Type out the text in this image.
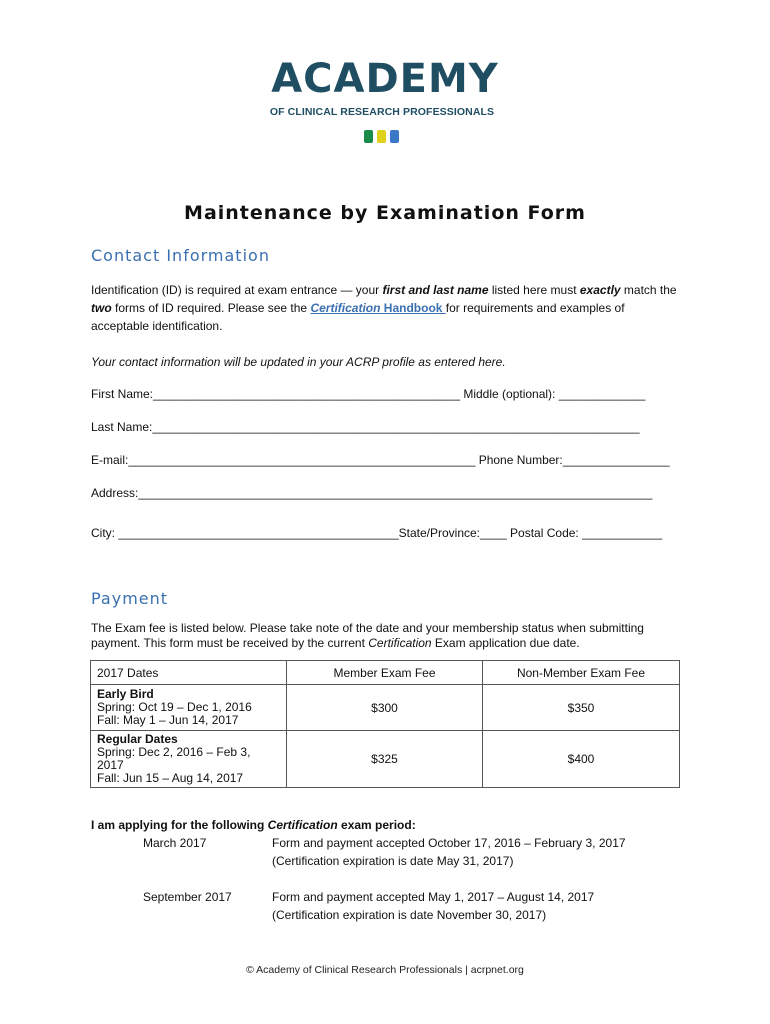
ACADEMY
OF CLINICAL RESEARCH PROFESSIONALS
Maintenance by Examination Form
Contact Information
Identification (ID) is required at exam entrance — your first and last name listed here must exactly match the two forms of ID required. Please see the Certification Handbook for requirements and examples of acceptable identification.
Your contact information will be updated in your ACRP profile as entered here.
First Name:______________________________________________ Middle (optional): _____________
Last Name:_________________________________________________________________________
E-mail:____________________________________________________ Phone Number:________________
Address:_____________________________________________________________________________
City: __________________________________________State/Province:____ Postal Code: ____________
Payment
The Exam fee is listed below. Please take note of the date and your membership status when submitting payment. This form must be received by the current Certification Exam application due date.
2017 Dates	Member Exam Fee	Non-Member Exam Fee

Early Bird
Spring: Oct 19 – Dec 1, 2016
Fall: May 1 – Jun 14, 2017	$300	$350

Regular Dates
Spring: Dec 2, 2016 – Feb 3, 2017
Fall: Jun 15 – Aug 14, 2017	$325	$400
I am applying for the following Certification exam period:
March 2017	Form and payment accepted October 17, 2016 – February 3, 2017
(Certification expiration is date May 31, 2017)
September 2017	Form and payment accepted May 1, 2017 – August 14, 2017
(Certification expiration is date November 30, 2017)
© Academy of Clinical Research Professionals | acrpnet.org
